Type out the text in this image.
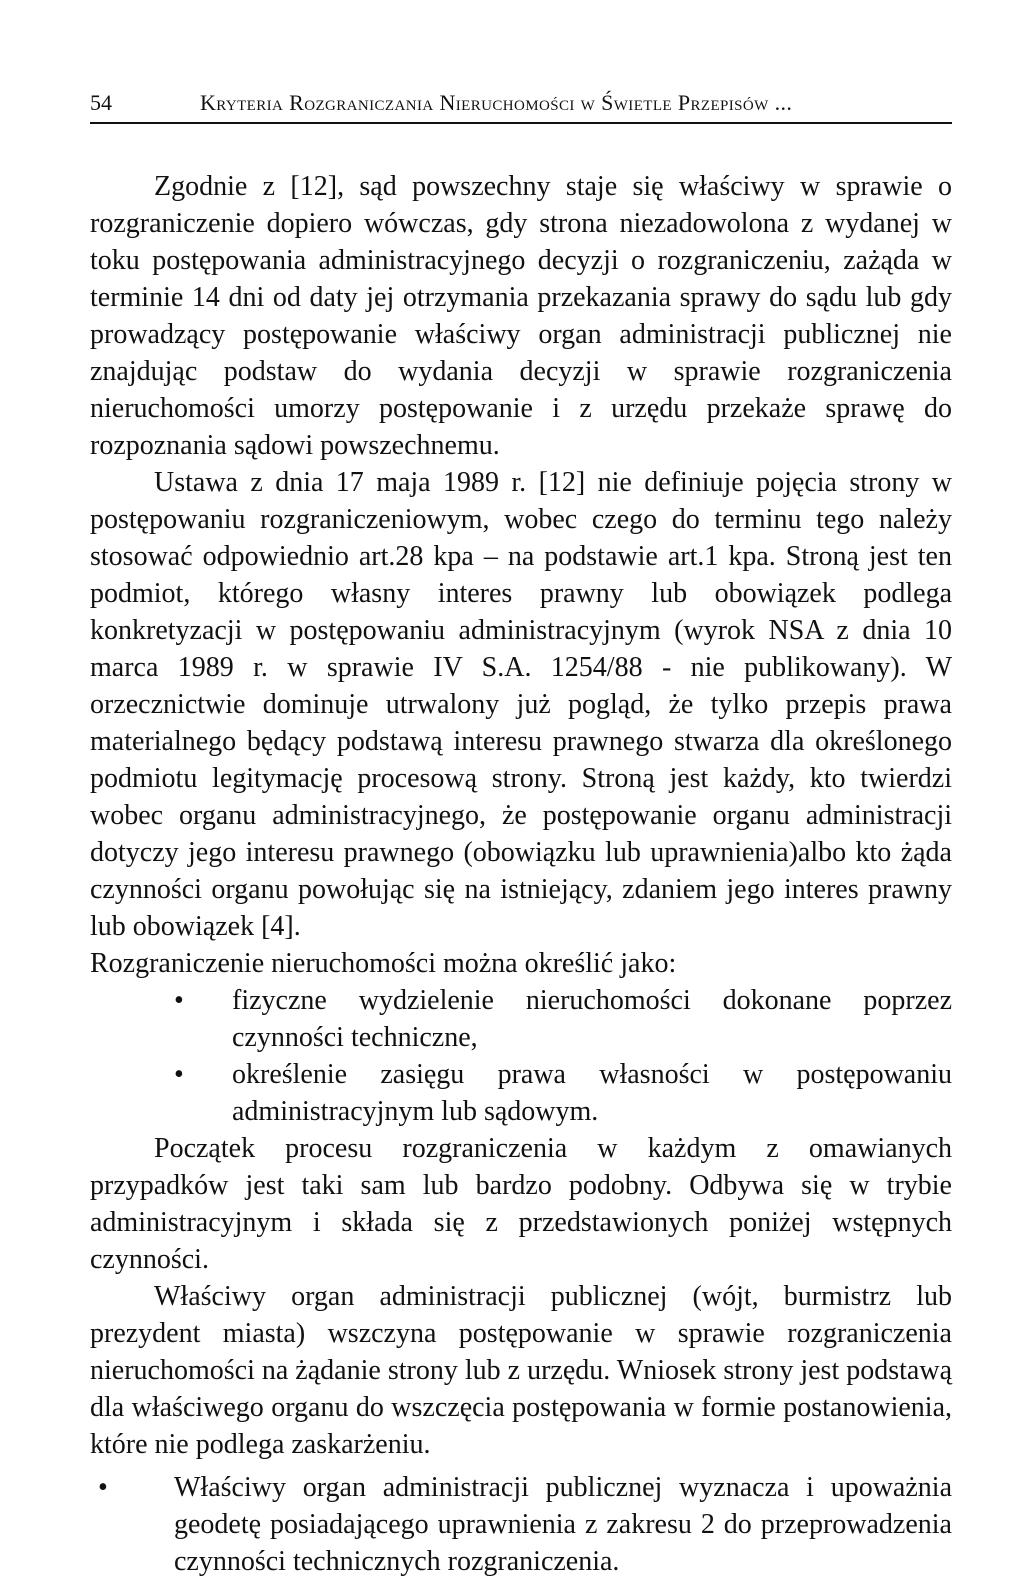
54	Kryteria Rozgraniczania Nieruchomości w Świetle Przepisów ...

Zgodnie z [12], sąd powszechny staje się właściwy w sprawie o rozgraniczenie dopiero wówczas, gdy strona niezadowolona z wydanej w toku postępowania administracyjnego decyzji o rozgraniczeniu, zażąda w terminie 14 dni od daty jej otrzymania przekazania sprawy do sądu lub gdy prowadzący postępowanie właściwy organ administracji publicznej nie znajdując podstaw do wydania decyzji w sprawie rozgraniczenia nieruchomości umorzy postępowanie i z urzędu przekaże sprawę do rozpoznania sądowi powszechnemu.

Ustawa z dnia 17 maja 1989 r. [12] nie definiuje pojęcia strony w postępowaniu rozgraniczeniowym, wobec czego do terminu tego należy stosować odpowiednio art.28 kpa – na podstawie art.1 kpa. Stroną jest ten podmiot, którego własny interes prawny lub obowiązek podlega konkretyzacji w postępowaniu administracyjnym (wyrok NSA z dnia 10 marca 1989 r. w sprawie IV S.A. 1254/88 - nie publikowany). W orzecznictwie dominuje utrwalony już pogląd, że tylko przepis prawa materialnego będący podstawą interesu prawnego stwarza dla określonego podmiotu legitymację procesową strony. Stroną jest każdy, kto twierdzi wobec organu administracyjnego, że postępowanie organu administracji dotyczy jego interesu prawnego (obowiązku lub uprawnienia)albo kto żąda czynności organu powołując się na istniejący, zdaniem jego interes prawny lub obowiązek [4].

Rozgraniczenie nieruchomości można określić jako:

• fizyczne wydzielenie nieruchomości dokonane poprzez czynności techniczne,
• określenie zasięgu prawa własności w postępowaniu administracyjnym lub sądowym.

Początek procesu rozgraniczenia w każdym z omawianych przypadków jest taki sam lub bardzo podobny. Odbywa się w trybie administracyjnym i składa się z przedstawionych poniżej wstępnych czynności.

Właściwy organ administracji publicznej (wójt, burmistrz lub prezydent miasta) wszczyna postępowanie w sprawie rozgraniczenia nieruchomości na żądanie strony lub z urzędu. Wniosek strony jest podstawą dla właściwego organu do wszczęcia postępowania w formie postanowienia, które nie podlega zaskarżeniu.

• Właściwy organ administracji publicznej wyznacza i upoważnia geodetę posiadającego uprawnienia z zakresu 2 do przeprowadzenia czynności technicznych rozgraniczenia.
